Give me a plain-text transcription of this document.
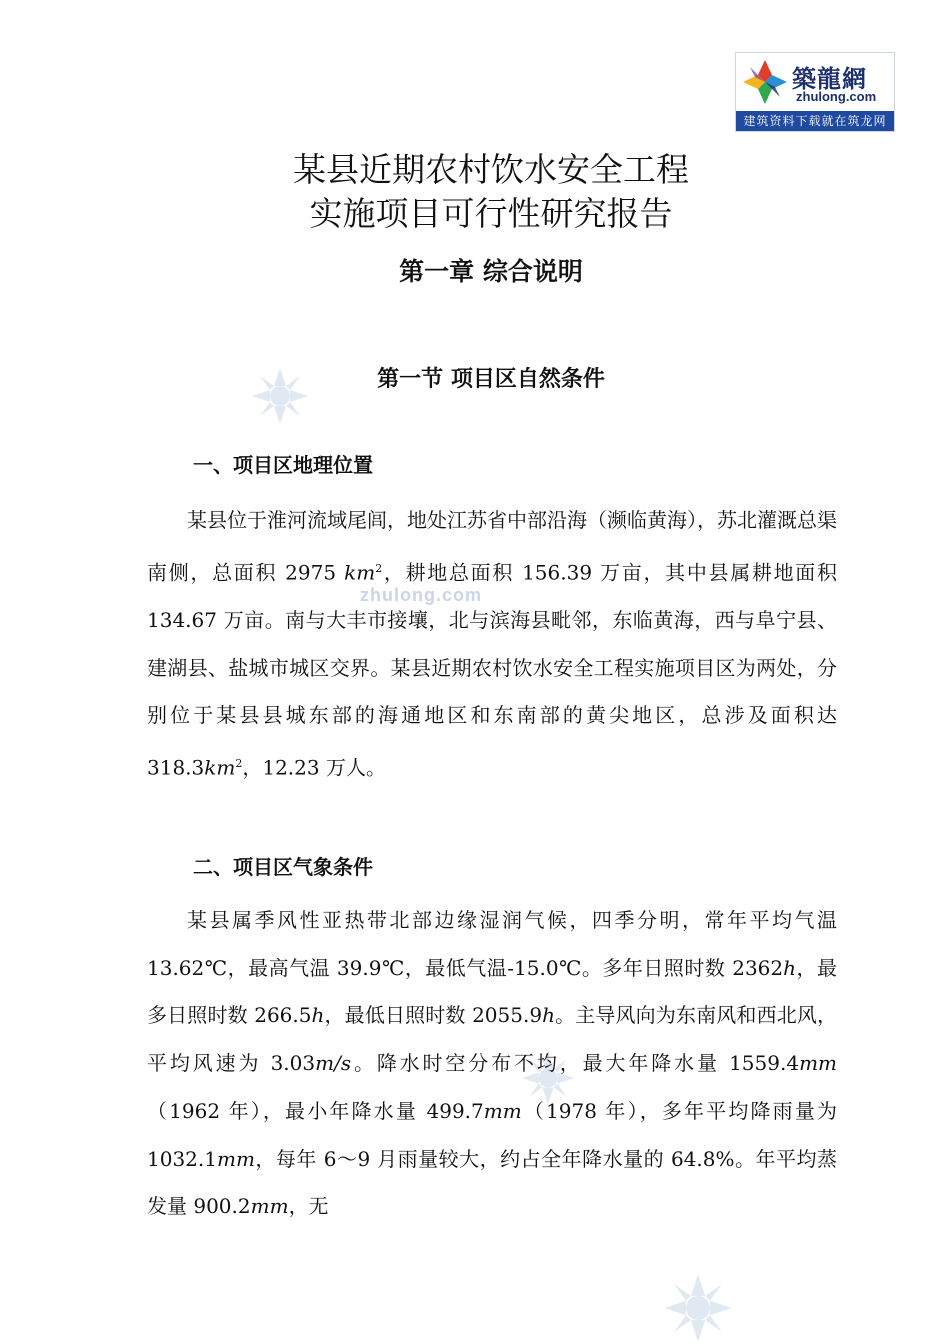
築龍網
zhulong.com
建筑资料下载就在筑龙网
zhulong.com
某县近期农村饮水安全工程
实施项目可行性研究报告
第一章 综合说明
第一节 项目区自然条件
一、项目区地理位置
某县位于淮河流域尾闾，地处江苏省中部沿海（濒临黄海），苏北灌溉总渠南侧，总面积 2975 $km^2$，耕地总面积 156.39 万亩，其中县属耕地面积 134.67 万亩。南与大丰市接壤，北与滨海县毗邻，东临黄海，西与阜宁县、建湖县、盐城市城区交界。某县近期农村饮水安全工程实施项目区为两处，分别位于某县县城东部的海通地区和东南部的黄尖地区，总涉及面积达 $318.3km^2$，12.23 万人。
二、项目区气象条件
某县属季风性亚热带北部边缘湿润气候，四季分明，常年平均气温 13.62℃，最高气温 39.9℃，最低气温-15.0℃。多年日照时数 2362h，最多日照时数 266.5h，最低日照时数 2055.9h。主导风向为东南风和西北风，平均风速为 3.03m/s。降水时空分布不均，最大年降水量 1559.4mm（1962 年），最小年降水量 499.7mm（1978 年），多年平均降雨量为 1032.1mm，每年 6～9 月雨量较大，约占全年降水量的 64.8%。年平均蒸发量 900.2mm，无
